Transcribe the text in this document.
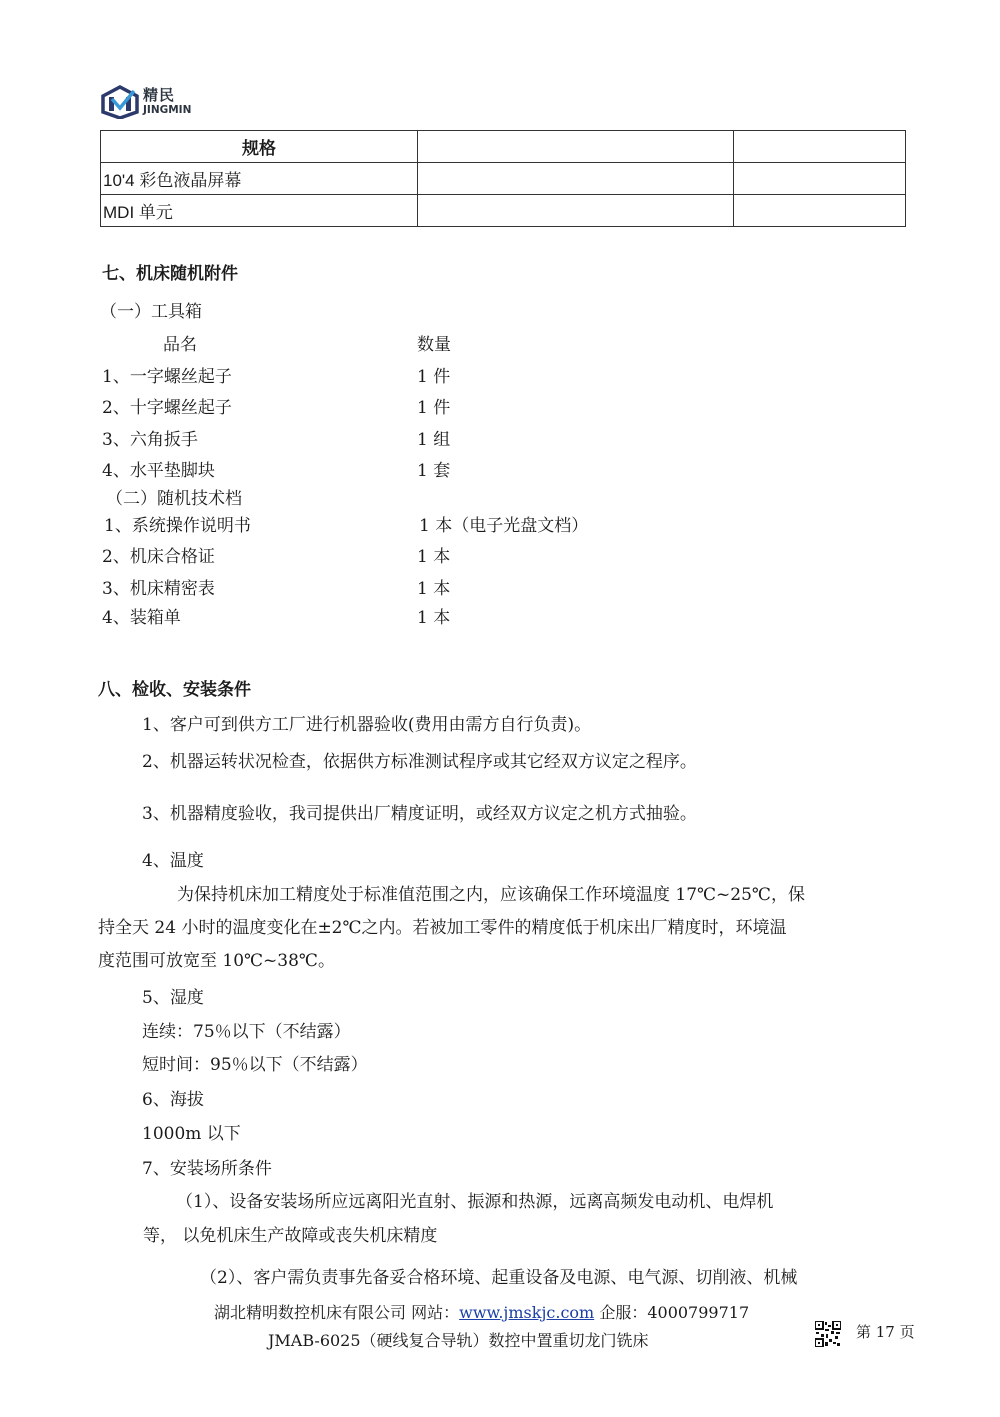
精民
JINGMIN
规格		
10'4 彩色液晶屏幕		
MDI 单元		
七、机床随机附件
（一）工具箱
品名	数量
1、一字螺丝起子	1 件
2、十字螺丝起子	1 件
3、六角扳手	1 组
4、水平垫脚块	1 套
（二）随机技术档
1、系统操作说明书	1 本（电子光盘文档）
2、机床合格证	1 本
3、机床精密表	1 本
4、装箱单	1 本
八、检收、安装条件
1、客户可到供方工厂进行机器验收(费用由需方自行负责)。
2、机器运转状况检查，依据供方标准测试程序或其它经双方议定之程序。
3、机器精度验收，我司提供出厂精度证明，或经双方议定之机方式抽验。
4、温度
为保持机床加工精度处于标准值范围之内，应该确保工作环境温度 17℃~25℃，保
持全天 24 小时的温度变化在±2℃之内。若被加工零件的精度低于机床出厂精度时，环境温
度范围可放宽至 10℃~38℃。
5、湿度
连续：75％以下（不结露）
短时间：95％以下（不结露）
6、海拔
1000m 以下
7、安装场所条件
（1）、设备安装场所应远离阳光直射、振源和热源，远离高频发电动机、电焊机
等， 以免机床生产故障或丧失机床精度
（2）、客户需负责事先备妥合格环境、起重设备及电源、电气源、切削液、机械
湖北精明数控机床有限公司 网站：www.jmskjc.com 企服：4000799717
JMAB-6025（硬线复合导轨）数控中置重切龙门铣床	第 17 页
